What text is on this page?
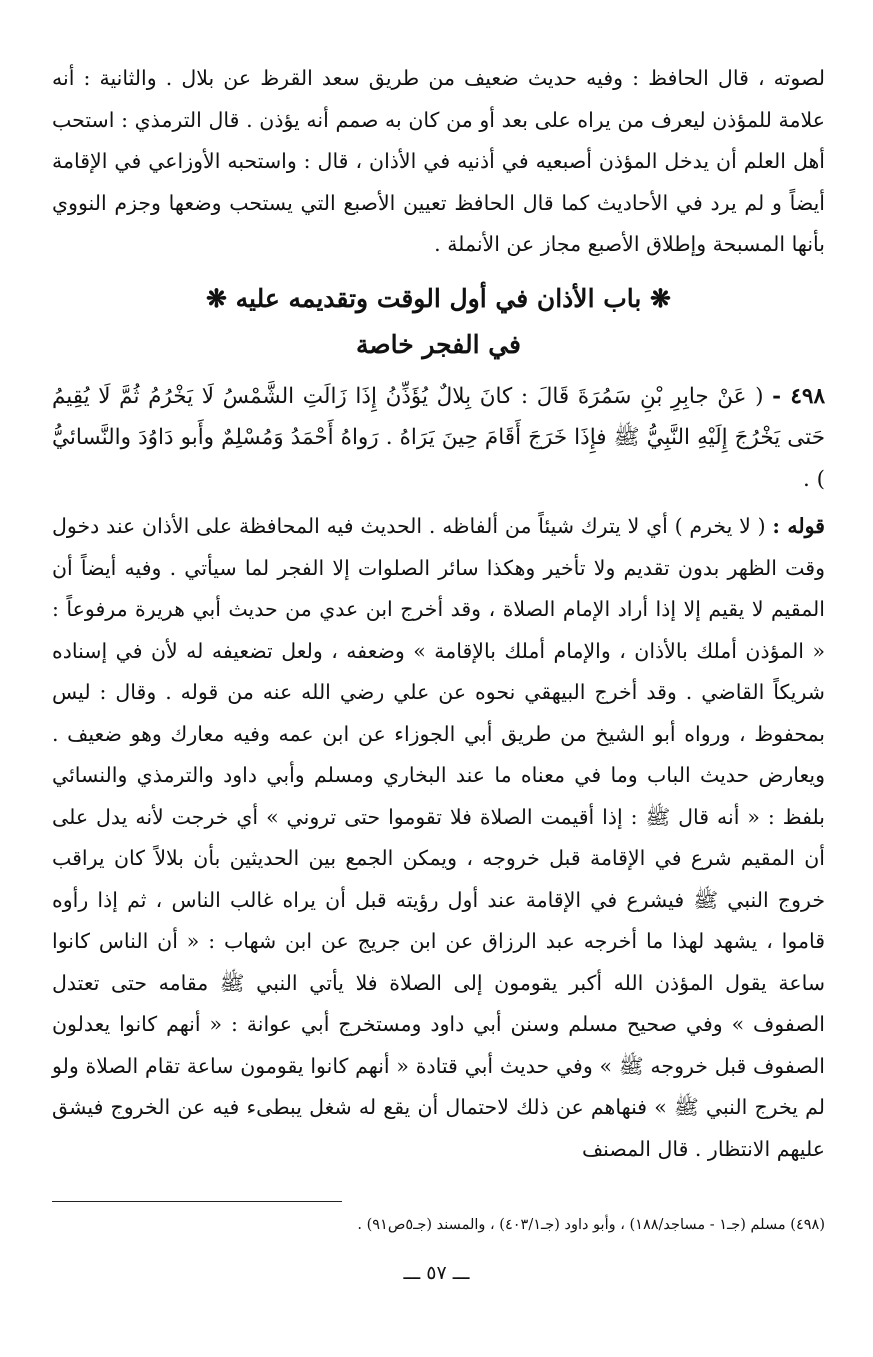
لصوته ، قال الحافظ : وفيه حديث ضعيف من طريق سعد القرظ عن بلال . والثانية : أنه علامة للمؤذن ليعرف من يراه على بعد أو من كان به صمم أنه يؤذن . قال الترمذي : استحب أهل العلم أن يدخل المؤذن أصبعيه في أذنيه في الأذان ، قال : واستحبه الأوزاعي في الإقامة أيضاً و لم يرد في الأحاديث كما قال الحافظ تعيين الأصبع التي يستحب وضعها وجزم النووي بأنها المسبحة وإطلاق الأصبع مجاز عن الأنملة .

❋ باب الأذان في أول الوقت وتقديمه عليه ❋
في الفجر خاصة

٤٩٨ - ( عَنْ جابِرِ بْنِ سَمُرَةَ قَالَ : كانَ بِلالٌ يُؤَذِّنُ إِذَا زَالَتِ الشَّمْسُ لَا يَخْرُمُ ثُمَّ لَا يُقِيمُ حَتى يَخْرُجَ إِلَيْهِ النَّبِيُّ ﷺ فإِذَا خَرَجَ أَقَامَ حِينَ يَرَاهُ . رَواهُ أَحْمَدُ وَمُسْلِمٌ وأَبو دَاوُدَ والنَّسائيُّ ) .

قوله : ( لا يخرم ) أي لا يترك شيئاً من ألفاظه . الحديث فيه المحافظة على الأذان عند دخول وقت الظهر بدون تقديم ولا تأخير وهكذا سائر الصلوات إلا الفجر لما سيأتي . وفيه أيضاً أن المقيم لا يقيم إلا إذا أراد الإمام الصلاة ، وقد أخرج ابن عدي من حديث أبي هريرة مرفوعاً : « المؤذن أملك بالأذان ، والإمام أملك بالإقامة » وضعفه ، ولعل تضعيفه له لأن في إسناده شريكاً القاضي . وقد أخرج البيهقي نحوه عن علي رضي الله عنه من قوله . وقال : ليس بمحفوظ ، ورواه أبو الشيخ من طريق أبي الجوزاء عن ابن عمه وفيه معارك وهو ضعيف . ويعارض حديث الباب وما في معناه ما عند البخاري ومسلم وأبي داود والترمذي والنسائي بلفظ : « أنه قال ﷺ : إذا أقيمت الصلاة فلا تقوموا حتى تروني » أي خرجت لأنه يدل على أن المقيم شرع في الإقامة قبل خروجه ، ويمكن الجمع بين الحديثين بأن بلالاً كان يراقب خروج النبي ﷺ فيشرع في الإقامة عند أول رؤيته قبل أن يراه غالب الناس ، ثم إذا رأوه قاموا ، يشهد لهذا ما أخرجه عبد الرزاق عن ابن جريج عن ابن شهاب : « أن الناس كانوا ساعة يقول المؤذن الله أكبر يقومون إلى الصلاة فلا يأتي النبي ﷺ مقامه حتى تعتدل الصفوف » وفي صحيح مسلم وسنن أبي داود ومستخرج أبي عوانة : « أنهم كانوا يعدلون الصفوف قبل خروجه ﷺ » وفي حديث أبي قتادة « أنهم كانوا يقومون ساعة تقام الصلاة ولو لم يخرج النبي ﷺ » فنهاهم عن ذلك لاحتمال أن يقع له شغل يبطىء فيه عن الخروج فيشق عليهم الانتظار . قال المصنف

(٤٩٨) مسلم (جـ١ - مساجد/١٨٨) ، وأبو داود (جـ٤٠٣/١) ، والمسند (جـ٥ص٩١) .

ـــ ٥٧ ـــ
